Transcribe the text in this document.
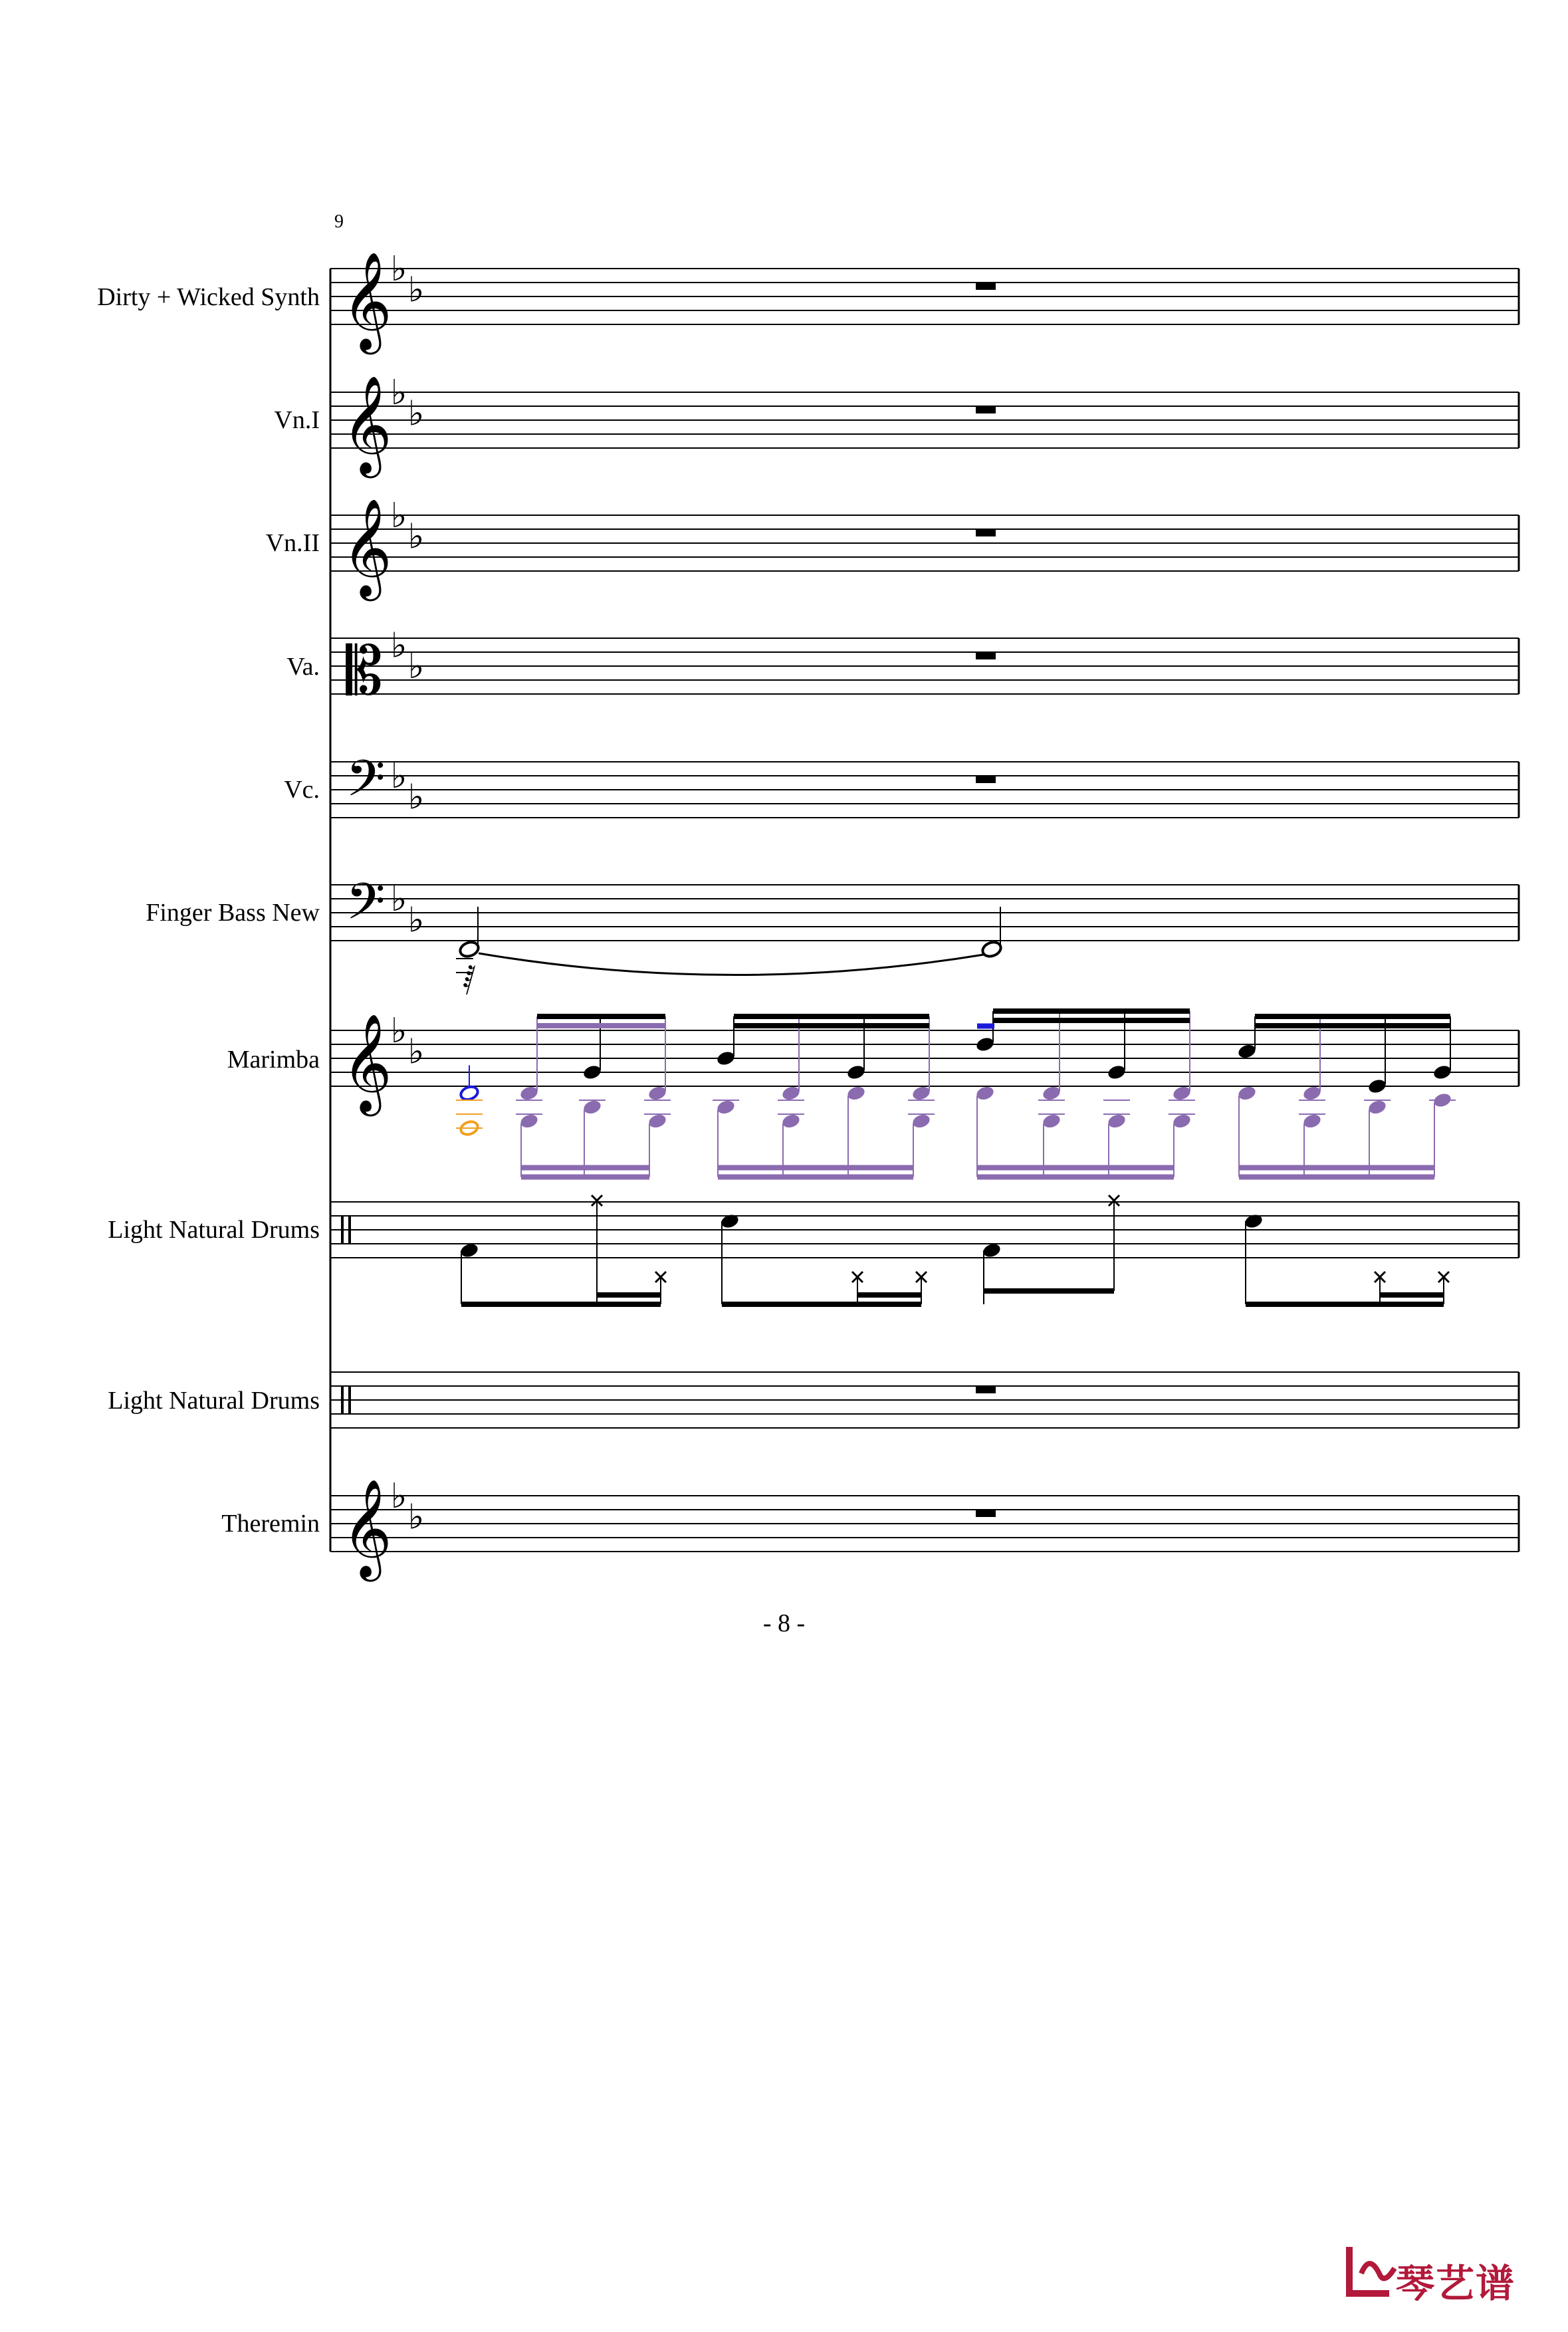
9
Dirty + Wicked Synth
Vn.I
Vn.II
Va.
Vc.
Finger Bass New
Marimba
Light Natural Drums
Light Natural Drums
Theremin
𝄞
♭
♭
𝄞
♭
♭
𝄞
♭
♭
𝄡 ♭
♭
𝄢 ♭
♭
𝄢 ♭
♭
𝄞
♭
♭
𝄞
♭
♭
𝅁
- 8 -
琴艺谱
